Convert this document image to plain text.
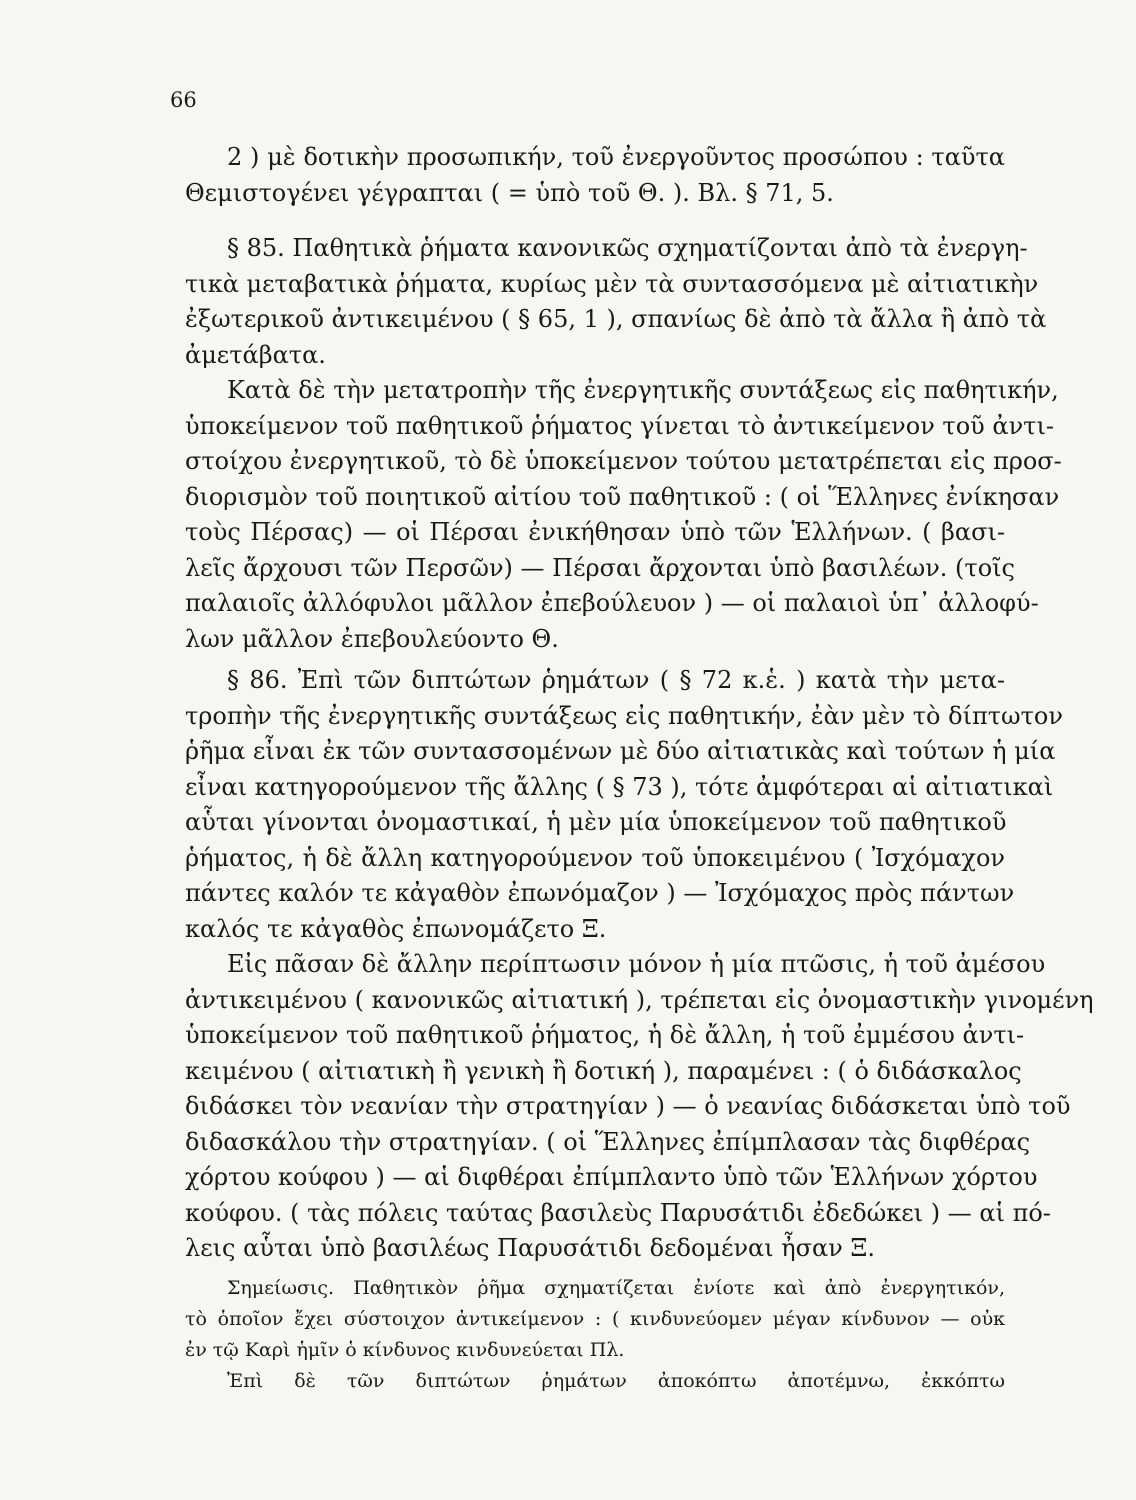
66
2 ) μὲ δοτικὴν προσωπικήν, τοῦ ἐνεργοῦντος προσώπου : ταῦτα
Θεμιστογένει γέγραπται ( = ὑπὸ τοῦ Θ. ). Βλ. § 71, 5.
§ 85. Παθητικὰ ῥήματα κανονικῶς σχηματίζονται ἀπὸ τὰ ἐνεργη-
τικὰ μεταβατικὰ ῥήματα, κυρίως μὲν τὰ συντασσόμενα μὲ αἰτιατικὴν
ἐξωτερικοῦ ἀντικειμένου ( § 65, 1 ), σπανίως δὲ ἀπὸ τὰ ἄλλα ἢ ἀπὸ τὰ
ἀμετάβατα.
Κατὰ δὲ τὴν μετατροπὴν τῆς ἐνεργητικῆς συντάξεως εἰς παθητικήν,
ὑποκείμενον τοῦ παθητικοῦ ῥήματος γίνεται τὸ ἀντικείμενον τοῦ ἀντι-
στοίχου ἐνεργητικοῦ, τὸ δὲ ὑποκείμενον τούτου μετατρέπεται εἰς προσ-
διορισμὸν τοῦ ποιητικοῦ αἰτίου τοῦ παθητικοῦ : ( οἱ Ἕλληνες ἐνίκησαν
τοὺς Πέρσας) — οἱ Πέρσαι ἐνικήθησαν ὑπὸ τῶν Ἑλλήνων. ( βασι-
λεῖς ἄρχουσι τῶν Περσῶν) — Πέρσαι ἄρχονται ὑπὸ βασιλέων. (τοῖς
παλαιοῖς ἀλλόφυλοι μᾶλλον ἐπεβούλευον ) — οἱ παλαιοὶ ὑπ᾽ ἀλλοφύ-
λων μᾶλλον ἐπεβουλεύοντο Θ.
§ 86. Ἐπὶ τῶν διπτώτων ῥημάτων ( § 72 κ.ἑ. ) κατὰ τὴν μετα-
τροπὴν τῆς ἐνεργητικῆς συντάξεως εἰς παθητικήν, ἐὰν μὲν τὸ δίπτωτον
ῥῆμα εἶναι ἐκ τῶν συντασσομένων μὲ δύο αἰτιατικὰς καὶ τούτων ἡ μία
εἶναι κατηγορούμενον τῆς ἄλλης ( § 73 ), τότε ἀμφότεραι αἱ αἰτιατικαὶ
αὗται γίνονται ὀνομαστικαί, ἡ μὲν μία ὑποκείμενον τοῦ παθητικοῦ
ῥήματος, ἡ δὲ ἄλλη κατηγορούμενον τοῦ ὑποκειμένου ( Ἰσχόμαχον
πάντες καλόν τε κἀγαθὸν ἐπωνόμαζον ) — Ἰσχόμαχος πρὸς πάντων
καλός τε κἀγαθὸς ἐπωνομάζετο Ξ.
Εἰς πᾶσαν δὲ ἄλλην περίπτωσιν μόνον ἡ μία πτῶσις, ἡ τοῦ ἀμέσου
ἀντικειμένου ( κανονικῶς αἰτιατική ), τρέπεται εἰς ὀνομαστικὴν γινομένη
ὑποκείμενον τοῦ παθητικοῦ ῥήματος, ἡ δὲ ἄλλη, ἡ τοῦ ἐμμέσου ἀντι-
κειμένου ( αἰτιατικὴ ἢ γενικὴ ἢ δοτική ), παραμένει : ( ὁ διδάσκαλος
διδάσκει τὸν νεανίαν τὴν στρατηγίαν ) — ὁ νεανίας διδάσκεται ὑπὸ τοῦ
διδασκάλου τὴν στρατηγίαν. ( οἱ Ἕλληνες ἐπίμπλασαν τὰς διφθέρας
χόρτου κούφου ) — αἱ διφθέραι ἐπίμπλαντο ὑπὸ τῶν Ἑλλήνων χόρτου
κούφου. ( τὰς πόλεις ταύτας βασιλεὺς Παρυσάτιδι ἐδεδώκει ) — αἱ πό-
λεις αὗται ὑπὸ βασιλέως Παρυσάτιδι δεδομέναι ἦσαν Ξ.
Σημείωσις. Παθητικὸν ῥῆμα σχηματίζεται ἐνίοτε καὶ ἀπὸ ἐνεργητικόν,
τὸ ὁποῖον ἔχει σύστοιχον ἀντικείμενον : ( κινδυνεύομεν μέγαν κίνδυνον — οὐκ
ἐν τῷ Καρὶ ἡμῖν ὁ κίνδυνος κινδυνεύεται Πλ.
Ἐπὶ δὲ τῶν διπτώτων ῥημάτων ἀποκόπτω ἀποτέμνω, ἐκκόπτω
